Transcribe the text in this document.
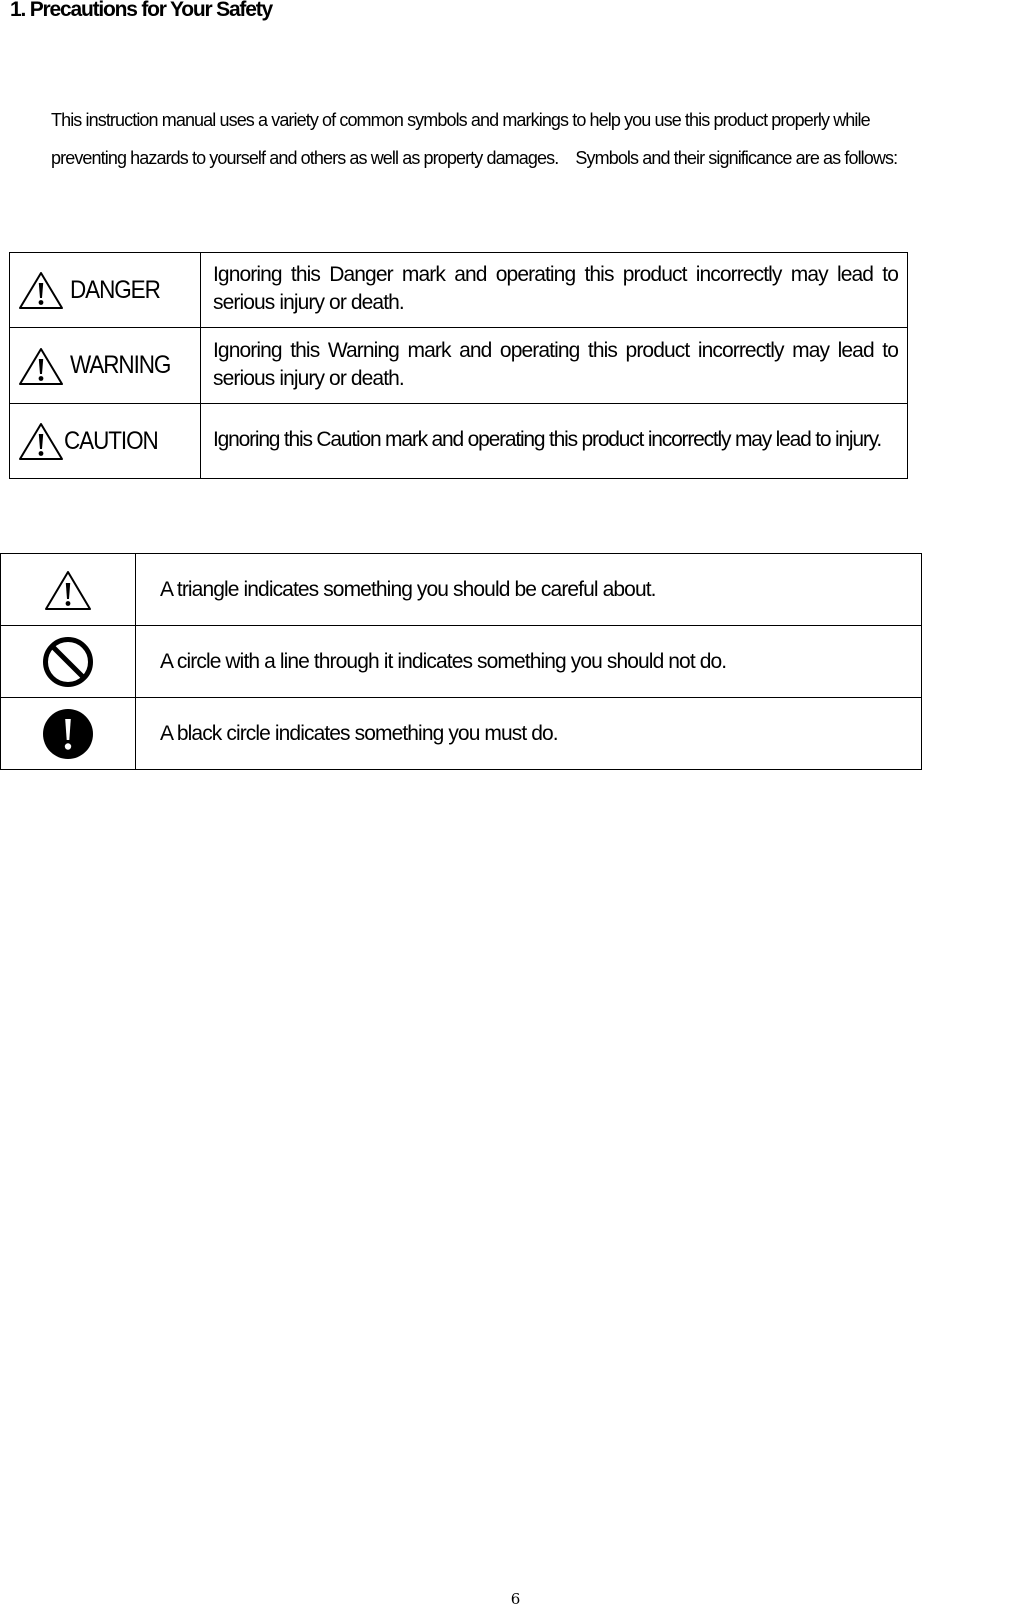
1. Precautions for Your Safety

This instruction manual uses a variety of common symbols and markings to help you use this product properly while
preventing hazards to yourself and others as well as property damages.　Symbols and their significance are as follows:

DANGER	Ignoring this Danger mark and operating this product incorrectly may lead to serious injury or death.
WARNING	Ignoring this Warning mark and operating this product incorrectly may lead to serious injury or death.
CAUTION	Ignoring this Caution mark and operating this product incorrectly may lead to injury.
	A triangle indicates something you should be careful about.
	A circle with a line through it indicates something you should not do.
	A black circle indicates something you must do.
6
